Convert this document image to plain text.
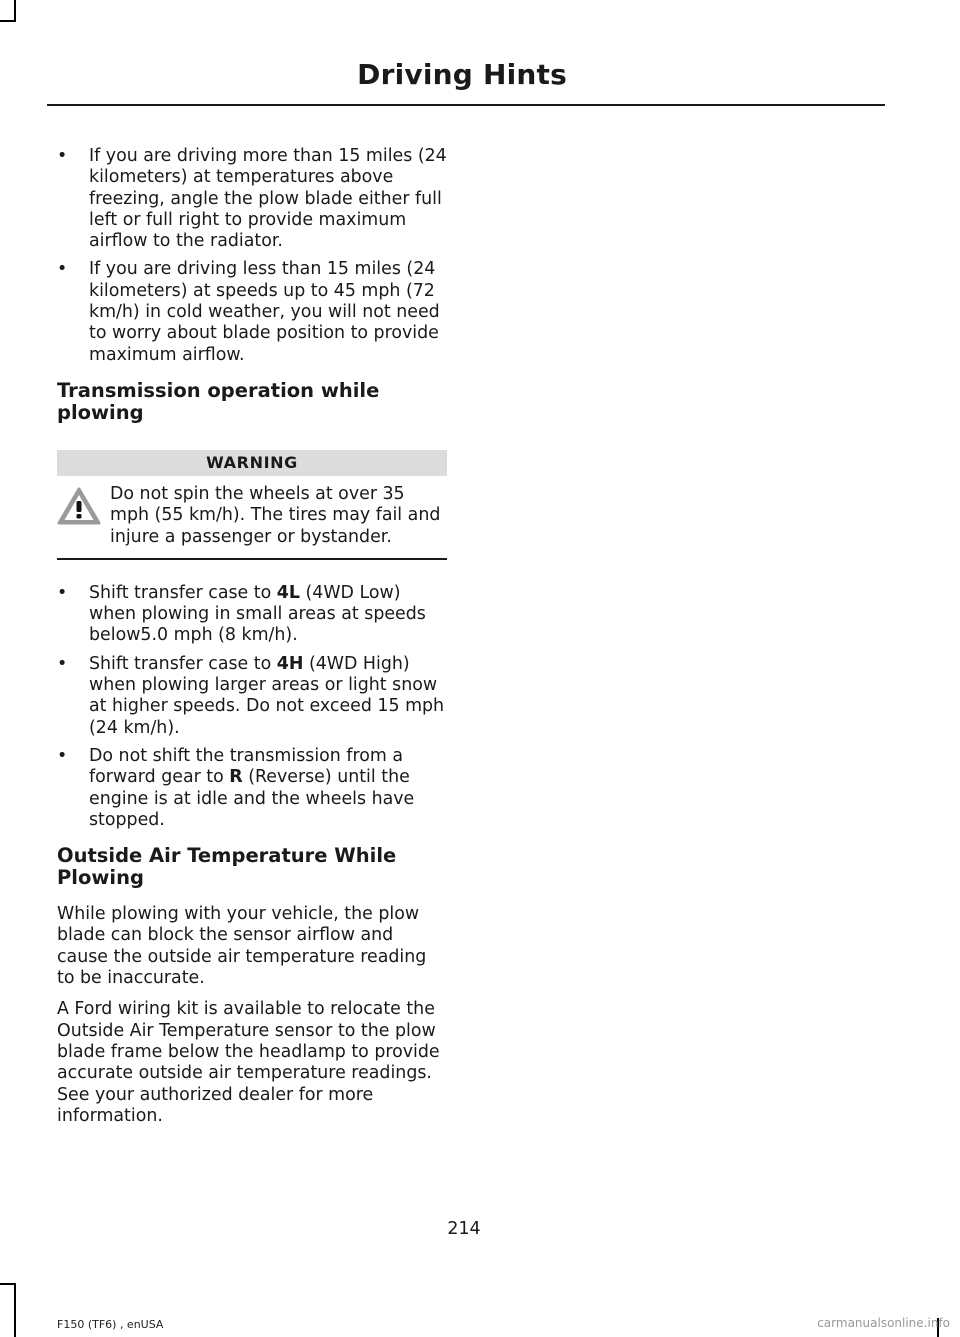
Driving Hints
•	If you are driving more than 15 miles (24 kilometers) at temperatures above freezing, angle the plow blade either full left or full right to provide maximum airflow to the radiator.
•	If you are driving less than 15 miles (24 kilometers) at speeds up to 45 mph (72 km/h) in cold weather, you will not need to worry about blade position to provide maximum airflow.
Transmission operation while plowing
WARNING
Do not spin the wheels at over 35 mph (55 km/h). The tires may fail and injure a passenger or bystander.
•	Shift transfer case to 4L (4WD Low) when plowing in small areas at speeds below5.0 mph (8 km/h).
•	Shift transfer case to 4H (4WD High) when plowing larger areas or light snow at higher speeds. Do not exceed 15 mph (24 km/h).
•	Do not shift the transmission from a forward gear to R (Reverse) until the engine is at idle and the wheels have stopped.
Outside Air Temperature While Plowing

While plowing with your vehicle, the plow blade can block the sensor airflow and cause the outside air temperature reading to be inaccurate.

A Ford wiring kit is available to relocate the Outside Air Temperature sensor to the plow blade frame below the headlamp to provide accurate outside air temperature readings. See your authorized dealer for more information.

214
F150 (TF6) , enUSA	carmanualsonline.info
